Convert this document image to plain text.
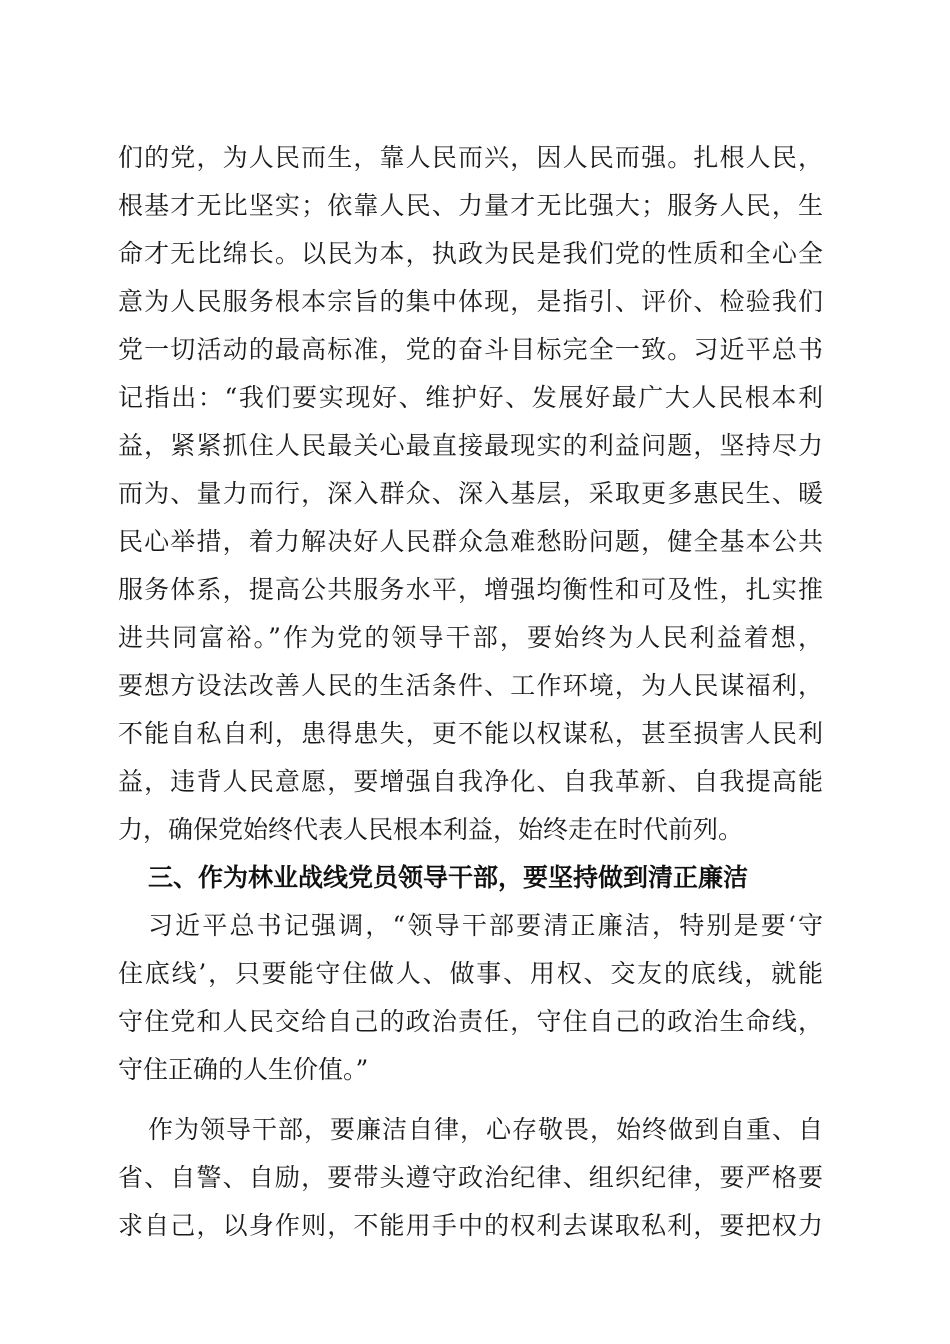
们的党，为人民而生，靠人民而兴，因人民而强。扎根人民，
根基才无比坚实；依靠人民、力量才无比强大；服务人民，生
命才无比绵长。以民为本，执政为民是我们党的性质和全心全
意为人民服务根本宗旨的集中体现，是指引、评价、检验我们
党一切活动的最高标准，党的奋斗目标完全一致。习近平总书
记指出：“我们要实现好、维护好、发展好最广大人民根本利
益，紧紧抓住人民最关心最直接最现实的利益问题，坚持尽力
而为、量力而行，深入群众、深入基层，采取更多惠民生、暖
民心举措，着力解决好人民群众急难愁盼问题，健全基本公共
服务体系，提高公共服务水平，增强均衡性和可及性，扎实推
进共同富裕。”作为党的领导干部，要始终为人民利益着想，
要想方设法改善人民的生活条件、工作环境，为人民谋福利，
不能自私自利，患得患失，更不能以权谋私，甚至损害人民利
益，违背人民意愿，要增强自我净化、自我革新、自我提高能
力，确保党始终代表人民根本利益，始终走在时代前列。
三、作为林业战线党员领导干部，要坚持做到清正廉洁
习近平总书记强调，“领导干部要清正廉洁，特别是要‘守
住底线’，只要能守住做人、做事、用权、交友的底线，就能
守住党和人民交给自己的政治责任，守住自己的政治生命线，
守住正确的人生价值。”
作为领导干部，要廉洁自律，心存敬畏，始终做到自重、自
省、自警、自励，要带头遵守政治纪律、组织纪律，要严格要
求自己，以身作则，不能用手中的权利去谋取私利，要把权力
